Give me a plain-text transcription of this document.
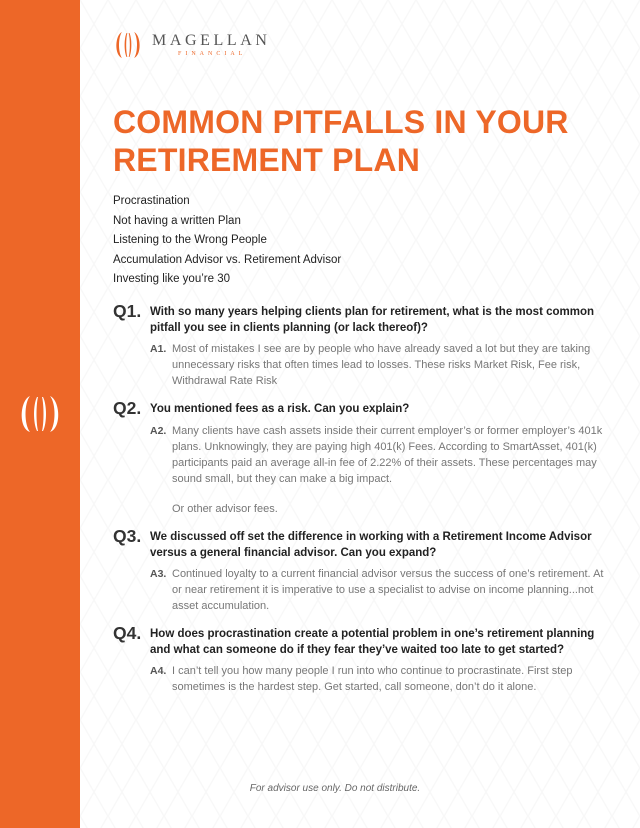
MAGELLAN
FINANCIAL
COMMON PITFALLS IN YOUR RETIREMENT PLAN
Procrastination
Not having a written Plan
Listening to the Wrong People
Accumulation Advisor vs. Retirement Advisor
Investing like you’re 30
Q1. With so many years helping clients plan for retirement, what is the most common pitfall you see in clients planning (or lack thereof)?
A1. Most of mistakes I see are by people who have already saved a lot but they are taking unnecessary risks that often times lead to losses. These risks Market Risk, Fee risk, Withdrawal Rate Risk
Q2. You mentioned fees as a risk. Can you explain?
A2. Many clients have cash assets inside their current employer’s or former employer’s 401k plans. Unknowingly, they are paying high 401(k) Fees. According to SmartAsset, 401(k) participants paid an average all-in fee of 2.22% of their assets. These percentages may sound small, but they can make a big impact.
Or other advisor fees.
Q3. We discussed off set the difference in working with a Retirement Income Advisor versus a general financial advisor. Can you expand?
A3. Continued loyalty to a current financial advisor versus the success of one’s retirement. At or near retirement it is imperative to use a specialist to advise on income planning...not asset accumulation.
Q4. How does procrastination create a potential problem in one’s retirement planning and what can someone do if they fear they’ve waited too late to get started?
A4. I can’t tell you how many people I run into who continue to procrastinate. First step sometimes is the hardest step. Get started, call someone, don’t do it alone.
For advisor use only. Do not distribute.
